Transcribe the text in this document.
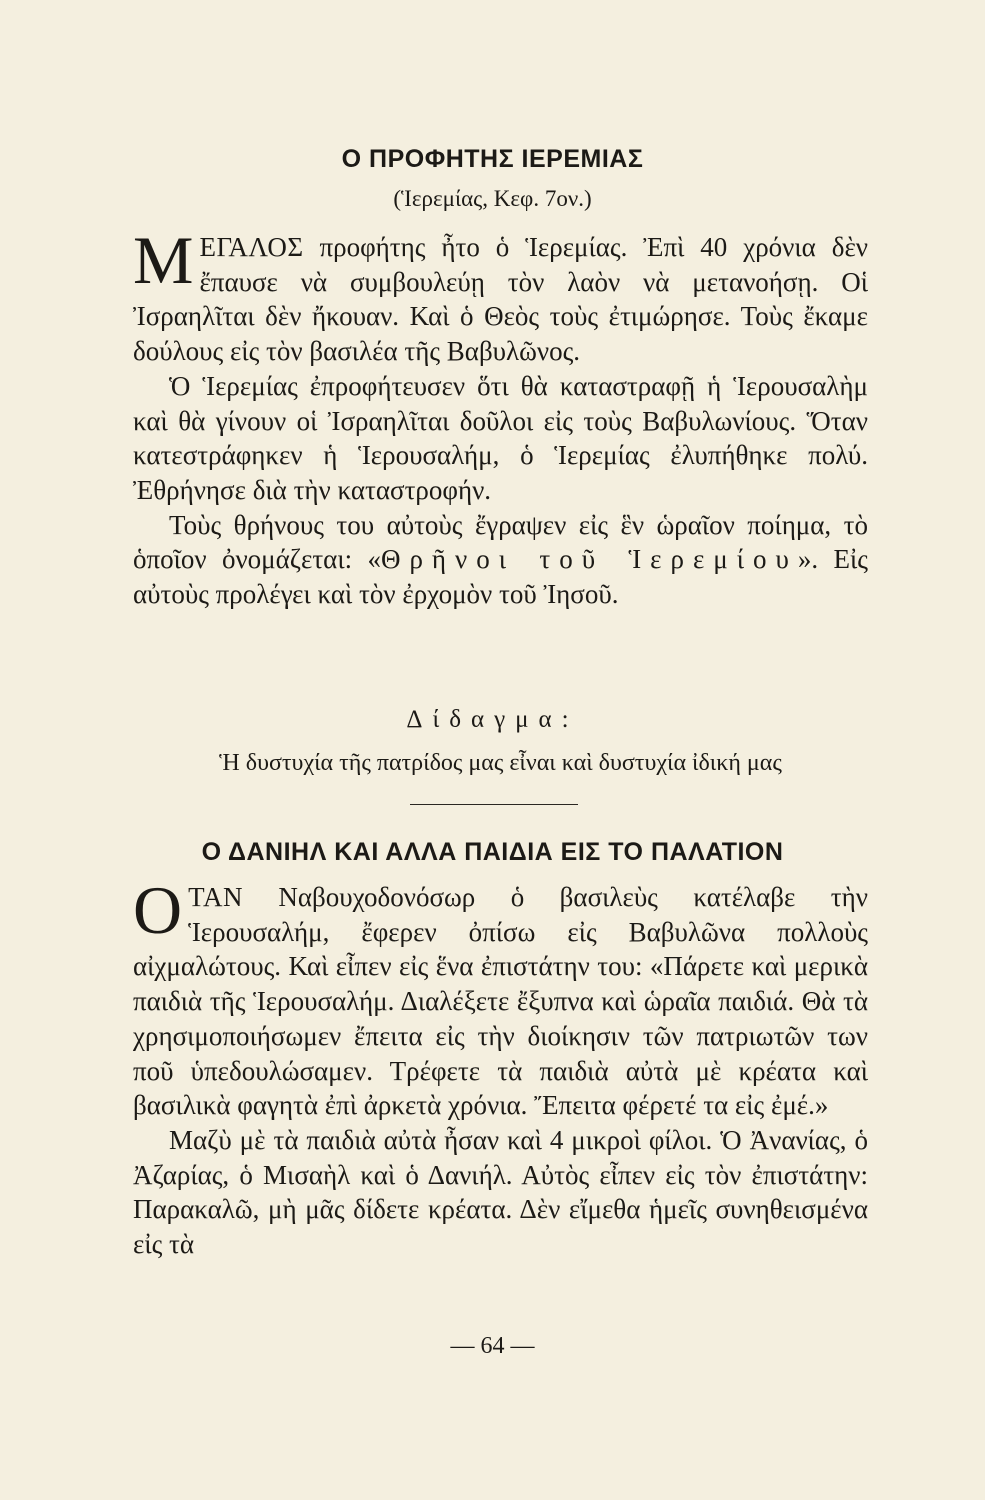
Ο ΠΡΟΦΗΤΗΣ ΙΕΡΕΜΙΑΣ
(Ἱερεμίας, Κεφ. 7ον.)

ΜΕΓΑΛΟΣ προφήτης ἦτο ὁ Ἱερεμίας. Ἐπὶ 40 χρόνια δὲν ἔπαυσε νὰ συμβουλεύῃ τὸν λαὸν νὰ μετανοήσῃ. Οἱ Ἰσραηλῖται δὲν ἤκουαν. Καὶ ὁ Θεὸς τοὺς ἐτιμώρησε. Τοὺς ἔκαμε δούλους εἰς τὸν βασιλέα τῆς Βαβυλῶνος.

Ὁ Ἱερεμίας ἐπροφήτευσεν ὅτι θὰ καταστραφῇ ἡ Ἱερουσαλὴμ καὶ θὰ γίνουν οἱ Ἰσραηλῖται δοῦλοι εἰς τοὺς Βαβυλωνίους. Ὅταν κατεστράφηκεν ἡ Ἱερουσαλήμ, ὁ Ἱερεμίας ἐλυπήθηκε πολύ. Ἐθρήνησε διὰ τὴν καταστροφήν.

Τοὺς θρήνους του αὐτοὺς ἔγραψεν εἰς ἓν ὡραῖον ποίημα, τὸ ὁποῖον ὀνομάζεται: «Θρῆνοι τοῦ Ἱερεμίου». Εἰς αὐτοὺς προλέγει καὶ τὸν ἐρχομὸν τοῦ Ἰησοῦ.

Δίδαγμα:
Ἡ δυστυχία τῆς πατρίδος μας εἶναι καὶ δυστυχία ἰδική μας
Ο ΔΑΝΙΗΛ ΚΑΙ ΑΛΛΑ ΠΑΙΔΙΑ ΕΙΣ ΤΟ ΠΑΛΑΤΙΟΝ

ΟΤΑΝ Ναβουχοδονόσωρ ὁ βασιλεὺς κατέλαβε τὴν Ἱερουσαλήμ, ἔφερεν ὀπίσω εἰς Βαβυλῶνα πολλοὺς αἰχμαλώτους. Καὶ εἶπεν εἰς ἕνα ἐπιστάτην του: «Πάρετε καὶ μερικὰ παιδιὰ τῆς Ἱερουσαλήμ. Διαλέξετε ἔξυπνα καὶ ὡραῖα παιδιά. Θὰ τὰ χρησιμοποιήσωμεν ἔπειτα εἰς τὴν διοίκησιν τῶν πατριωτῶν των ποῦ ὑπεδουλώσαμεν. Τρέφετε τὰ παιδιὰ αὐτὰ μὲ κρέατα καὶ βασιλικὰ φαγητὰ ἐπὶ ἀρκετὰ χρόνια. Ἔπειτα φέρετέ τα εἰς ἐμέ.»

Μαζὺ μὲ τὰ παιδιὰ αὐτὰ ἦσαν καὶ 4 μικροὶ φίλοι. Ὁ Ἀνανίας, ὁ Ἀζαρίας, ὁ Μισαὴλ καὶ ὁ Δανιήλ. Αὐτὸς εἶπεν εἰς τὸν ἐπιστάτην: Παρακαλῶ, μὴ μᾶς δίδετε κρέατα. Δὲν εἴμεθα ἡμεῖς συνηθεισμένα εἰς τὰ

— 64 —
